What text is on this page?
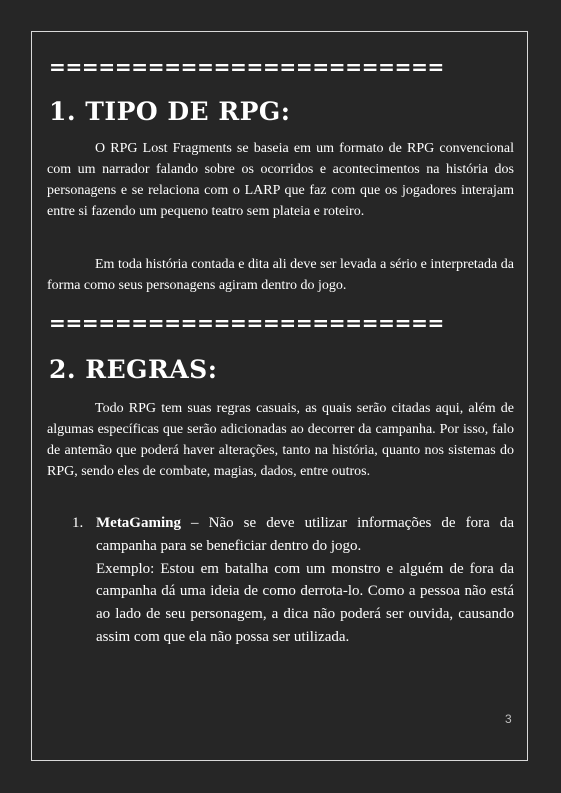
========================
1. TIPO DE RPG:

O RPG Lost Fragments se baseia em um formato de RPG convencional com um narrador falando sobre os ocorridos e acontecimentos na história dos personagens e se relaciona com o LARP que faz com que os jogadores interajam entre si fazendo um pequeno teatro sem plateia e roteiro.

Em toda história contada e dita ali deve ser levada a sério e interpretada da forma como seus personagens agiram dentro do jogo.

========================
2. REGRAS:

Todo RPG tem suas regras casuais, as quais serão citadas aqui, além de algumas específicas que serão adicionadas ao decorrer da campanha. Por isso, falo de antemão que poderá haver alterações, tanto na história, quanto nos sistemas do RPG, sendo eles de combate, magias, dados, entre outros.

1. MetaGaming – Não se deve utilizar informações de fora da campanha para se beneficiar dentro do jogo.
Exemplo: Estou em batalha com um monstro e alguém de fora da campanha dá uma ideia de como derrota-lo. Como a pessoa não está ao lado de seu personagem, a dica não poderá ser ouvida, causando assim com que ela não possa ser utilizada.
3
